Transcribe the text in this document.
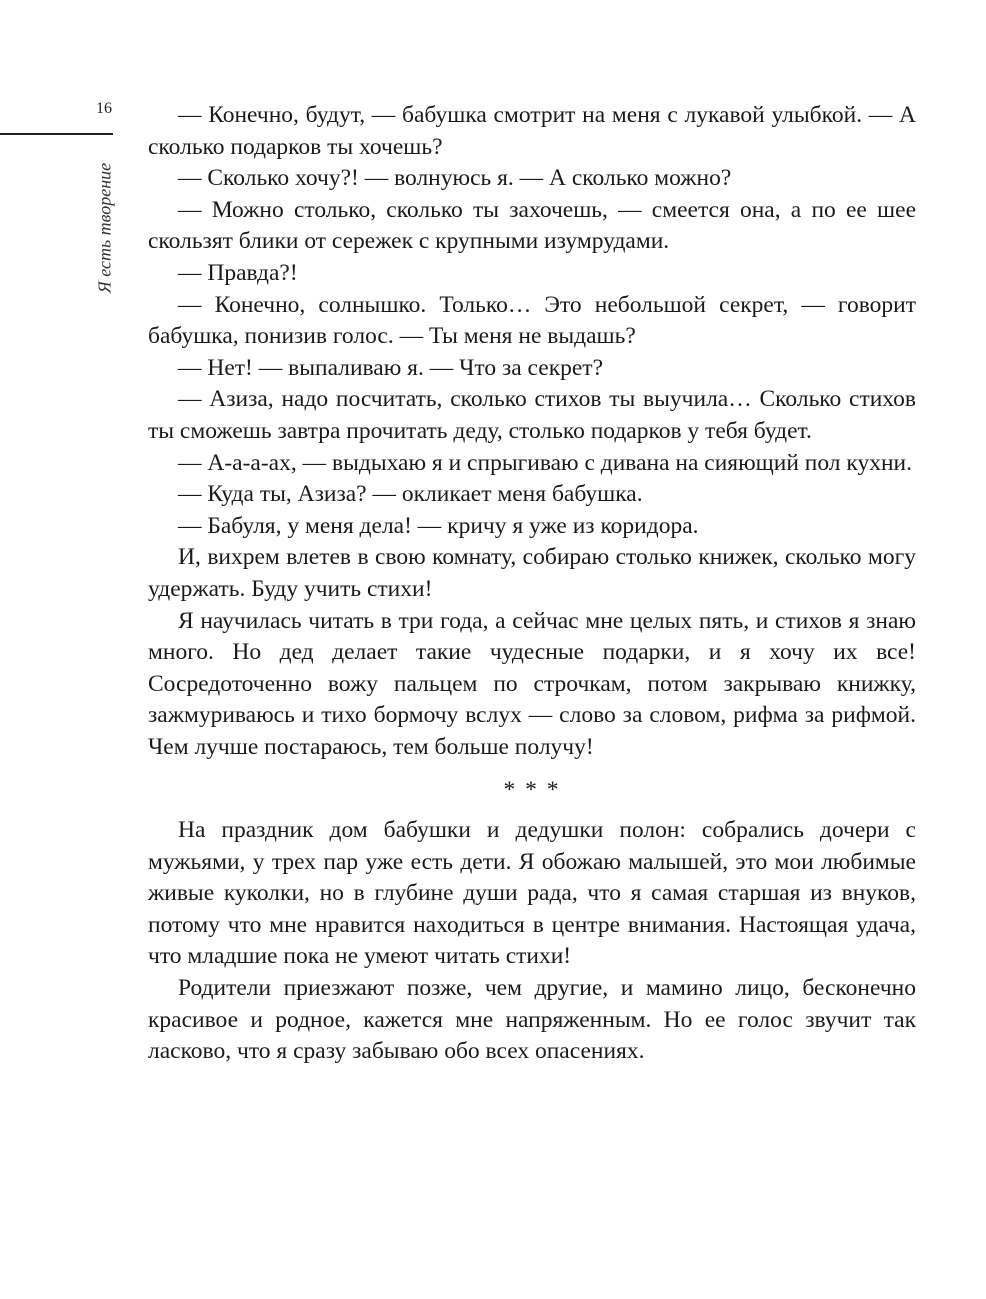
16
Я есть творение

— Конечно, будут, — бабушка смотрит на меня с лукавой улыбкой. — А сколько подарков ты хочешь?

— Сколько хочу?! — волнуюсь я. — А сколько можно?

— Можно столько, сколько ты захочешь, — смеется она, а по ее шее скользят блики от сережек с крупными изумрудами.

— Правда?!

— Конечно, солнышко. Только… Это небольшой секрет, — говорит бабушка, понизив голос. — Ты меня не выдашь?

— Нет! — выпаливаю я. — Что за секрет?

— Азиза, надо посчитать, сколько стихов ты выучила… Сколько стихов ты сможешь завтра прочитать деду, столько подарков у тебя будет.

— А-а-а-ах, — выдыхаю я и спрыгиваю с дивана на сияющий пол кухни.

— Куда ты, Азиза? — окликает меня бабушка.

— Бабуля, у меня дела! — кричу я уже из коридора.

И, вихрем влетев в свою комнату, собираю столько книжек, сколько могу удержать. Буду учить стихи!

Я научилась читать в три года, а сейчас мне целых пять, и стихов я знаю много. Но дед делает такие чудесные подарки, и я хочу их все! Сосредоточенно вожу пальцем по строчкам, потом закрываю книжку, зажмуриваюсь и тихо бормочу вслух — слово за словом, рифма за рифмой. Чем лучше постараюсь, тем больше получу!

* * *

На праздник дом бабушки и дедушки полон: собрались дочери с мужьями, у трех пар уже есть дети. Я обожаю малышей, это мои любимые живые куколки, но в глубине души рада, что я самая старшая из внуков, потому что мне нравится находиться в центре внимания. Настоящая удача, что младшие пока не умеют читать стихи!

Родители приезжают позже, чем другие, и мамино лицо, бесконечно красивое и родное, кажется мне напряженным. Но ее голос звучит так ласково, что я сразу забываю обо всех опасениях.
